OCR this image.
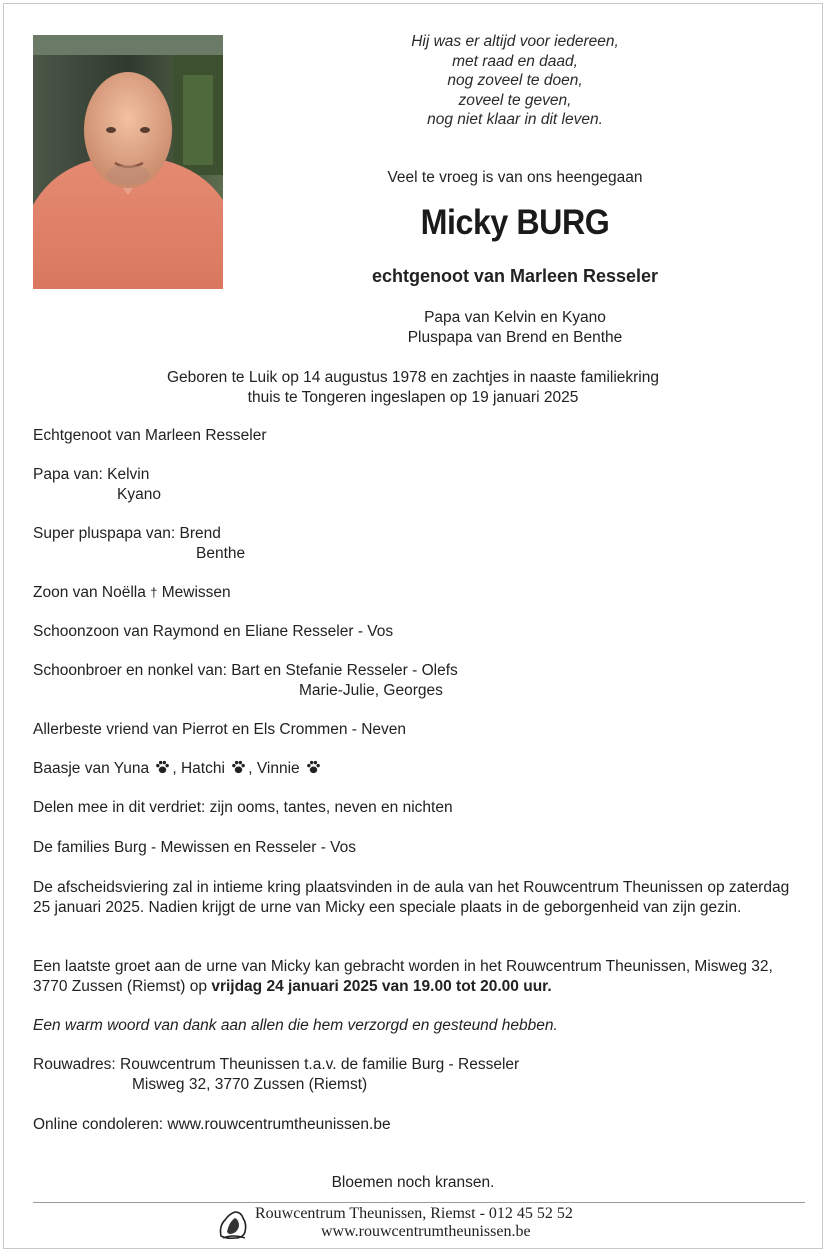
Hij was er altijd voor iedereen,
met raad en daad,
nog zoveel te doen,
zoveel te geven,
nog niet klaar in dit leven.
Veel te vroeg is van ons heengegaan
Micky BURG
echtgenoot van Marleen Resseler
Papa van Kelvin en Kyano
Pluspapa van Brend en Benthe
Geboren te Luik op 14 augustus 1978 en zachtjes in naaste familiekring
thuis te Tongeren ingeslapen op 19 januari 2025
Echtgenoot van Marleen Resseler
Papa van: Kelvin
Kyano
Super pluspapa van: Brend
Benthe
Zoon van Noëlla † Mewissen
Schoonzoon van Raymond en Eliane Resseler - Vos
Schoonbroer en nonkel van: Bart en Stefanie Resseler - Olefs
Marie-Julie, Georges
Allerbeste vriend van Pierrot en Els Crommen - Neven
Baasje van Yuna , Hatchi , Vinnie
Delen mee in dit verdriet: zijn ooms, tantes, neven en nichten
De families Burg - Mewissen en Resseler - Vos
De afscheidsviering zal in intieme kring plaatsvinden in de aula van het Rouwcentrum Theunissen op zaterdag 25 januari 2025. Nadien krijgt de urne van Micky een speciale plaats in de geborgenheid van zijn gezin.
Een laatste groet aan de urne van Micky kan gebracht worden in het Rouwcentrum Theunissen, Misweg 32, 3770 Zussen (Riemst) op vrijdag 24 januari 2025 van 19.00 tot 20.00 uur.
Een warm woord van dank aan allen die hem verzorgd en gesteund hebben.
Rouwadres: Rouwcentrum Theunissen t.a.v. de familie Burg - Resseler
Misweg 32, 3770 Zussen (Riemst)
Online condoleren: www.rouwcentrumtheunissen.be
Bloemen noch kransen.
Rouwcentrum Theunissen, Riemst - 012 45 52 52
www.rouwcentrumtheunissen.be
